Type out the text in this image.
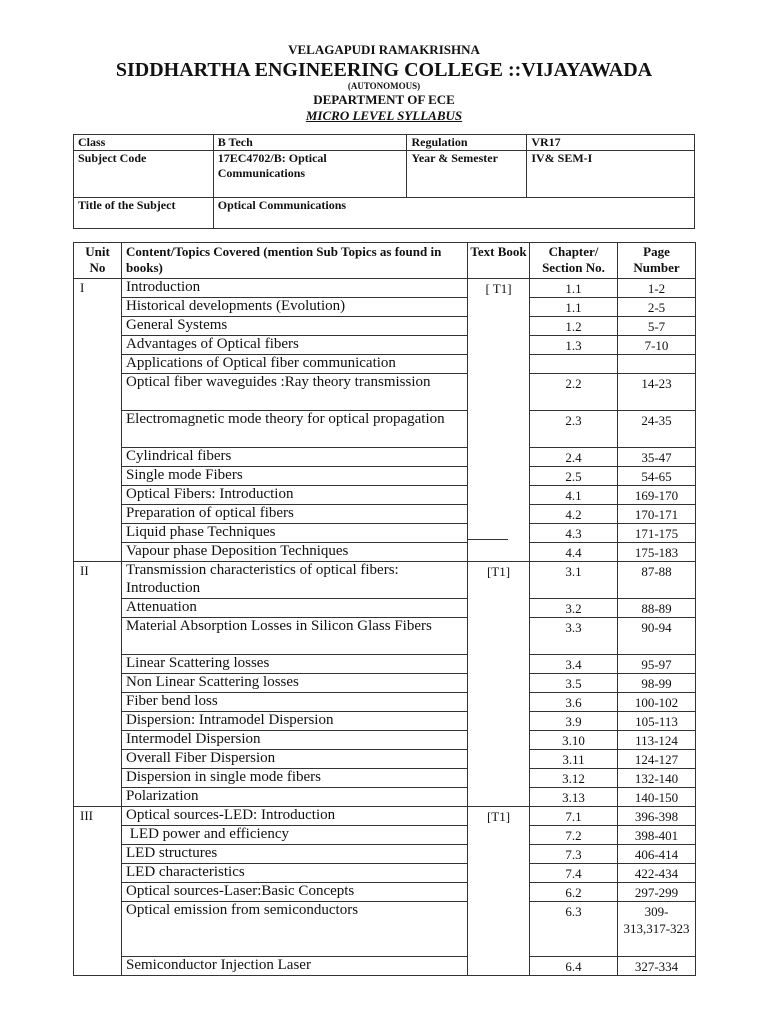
VELAGAPUDI RAMAKRISHNA
SIDDHARTHA ENGINEERING COLLEGE ::VIJAYAWADA
(AUTONOMOUS)
DEPARTMENT OF ECE
MICRO LEVEL SYLLABUS
Class	B Tech	Regulation	VR17
Subject Code	17EC4702/B: Optical Communications	Year & Semester	IV& SEM-I
Title of the Subject	Optical Communications		
Unit No	Content/Topics Covered (mention Sub Topics as found in books)	Text Book	Chapter/ Section No.	Page Number
I	Introduction	[ T1]	1.1	1-2
	Historical developments (Evolution)		1.1	2-5
	General Systems		1.2	5-7
	Advantages of Optical fibers		1.3	7-10
	Applications of Optical fiber communication			
	Optical fiber waveguides :Ray theory transmission		2.2	14-23
	Electromagnetic mode theory for optical propagation		2.3	24-35
	Cylindrical fibers		2.4	35-47
	Single mode Fibers		2.5	54-65
	Optical Fibers: Introduction		4.1	169-170
	Preparation of optical fibers		4.2	170-171
	Liquid phase Techniques		4.3	171-175
	Vapour phase Deposition Techniques		4.4	175-183
II	Transmission characteristics of optical fibers: Introduction	[T1]	3.1	87-88
	Attenuation		3.2	88-89
	Material Absorption Losses in Silicon Glass Fibers		3.3	90-94
	Linear Scattering losses		3.4	95-97
	Non Linear Scattering losses		3.5	98-99
	Fiber bend loss		3.6	100-102
	Dispersion: Intramodel Dispersion		3.9	105-113
	Intermodel Dispersion		3.10	113-124
	Overall Fiber Dispersion		3.11	124-127
	Dispersion in single mode fibers		3.12	132-140
	Polarization		3.13	140-150
III	Optical sources-LED: Introduction	[T1]	7.1	396-398
	LED power and efficiency		7.2	398-401
	LED structures		7.3	406-414
	LED characteristics		7.4	422-434
	Optical sources-Laser:Basic Concepts		6.2	297-299
	Optical emission from semiconductors		6.3	309-313,317-323
	Semiconductor Injection Laser		6.4	327-334
